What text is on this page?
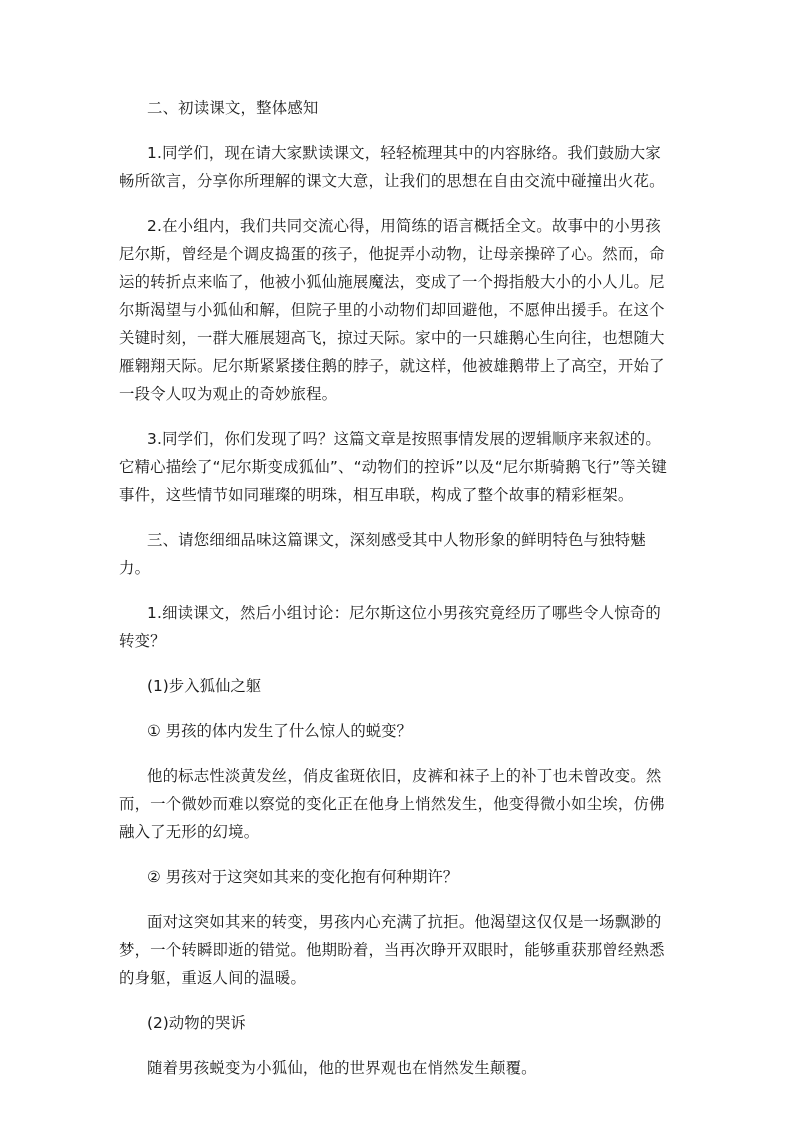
二、初读课文，整体感知

1.同学们，现在请大家默读课文，轻轻梳理其中的内容脉络。我们鼓励大家畅所欲言，分享你所理解的课文大意，让我们的思想在自由交流中碰撞出火花。

2.在小组内，我们共同交流心得，用简练的语言概括全文。故事中的小男孩尼尔斯，曾经是个调皮捣蛋的孩子，他捉弄小动物，让母亲操碎了心。然而，命运的转折点来临了，他被小狐仙施展魔法，变成了一个拇指般大小的小人儿。尼尔斯渴望与小狐仙和解，但院子里的小动物们却回避他，不愿伸出援手。在这个关键时刻，一群大雁展翅高飞，掠过天际。家中的一只雄鹅心生向往，也想随大雁翱翔天际。尼尔斯紧紧搂住鹅的脖子，就这样，他被雄鹅带上了高空，开始了一段令人叹为观止的奇妙旅程。

3.同学们，你们发现了吗？这篇文章是按照事情发展的逻辑顺序来叙述的。它精心描绘了“尼尔斯变成狐仙”、“动物们的控诉”以及“尼尔斯骑鹅飞行”等关键事件，这些情节如同璀璨的明珠，相互串联，构成了整个故事的精彩框架。

三、请您细细品味这篇课文，深刻感受其中人物形象的鲜明特色与独特魅力。

1.细读课文，然后小组讨论：尼尔斯这位小男孩究竟经历了哪些令人惊奇的转变？

(1)步入狐仙之躯

① 男孩的体内发生了什么惊人的蜕变？

他的标志性淡黄发丝，俏皮雀斑依旧，皮裤和袜子上的补丁也未曾改变。然而，一个微妙而难以察觉的变化正在他身上悄然发生，他变得微小如尘埃，仿佛融入了无形的幻境。

② 男孩对于这突如其来的变化抱有何种期许？

面对这突如其来的转变，男孩内心充满了抗拒。他渴望这仅仅是一场飘渺的梦，一个转瞬即逝的错觉。他期盼着，当再次睁开双眼时，能够重获那曾经熟悉的身躯，重返人间的温暖。

(2)动物的哭诉

随着男孩蜕变为小狐仙，他的世界观也在悄然发生颠覆。
